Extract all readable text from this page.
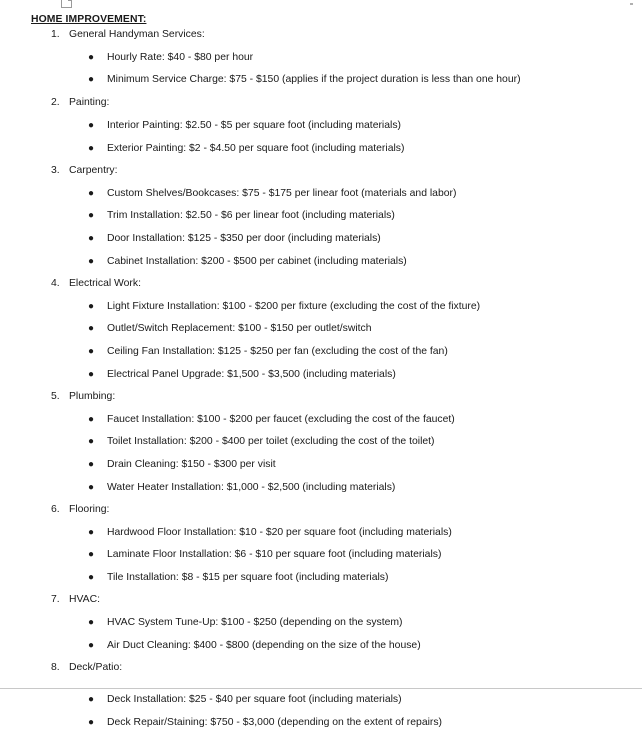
HOME IMPROVEMENT:
1. General Handyman Services:
● Hourly Rate: $40 - $80 per hour
● Minimum Service Charge: $75 - $150 (applies if the project duration is less than one hour)
2. Painting:
● Interior Painting: $2.50 - $5 per square foot (including materials)
● Exterior Painting: $2 - $4.50 per square foot (including materials)
3. Carpentry:
● Custom Shelves/Bookcases: $75 - $175 per linear foot (materials and labor)
● Trim Installation: $2.50 - $6 per linear foot (including materials)
● Door Installation: $125 - $350 per door (including materials)
● Cabinet Installation: $200 - $500 per cabinet (including materials)
4. Electrical Work:
● Light Fixture Installation: $100 - $200 per fixture (excluding the cost of the fixture)
● Outlet/Switch Replacement: $100 - $150 per outlet/switch
● Ceiling Fan Installation: $125 - $250 per fan (excluding the cost of the fan)
● Electrical Panel Upgrade: $1,500 - $3,500 (including materials)
5. Plumbing:
● Faucet Installation: $100 - $200 per faucet (excluding the cost of the faucet)
● Toilet Installation: $200 - $400 per toilet (excluding the cost of the toilet)
● Drain Cleaning: $150 - $300 per visit
● Water Heater Installation: $1,000 - $2,500 (including materials)
6. Flooring:
● Hardwood Floor Installation: $10 - $20 per square foot (including materials)
● Laminate Floor Installation: $6 - $10 per square foot (including materials)
● Tile Installation: $8 - $15 per square foot (including materials)
7. HVAC:
● HVAC System Tune-Up: $100 - $250 (depending on the system)
● Air Duct Cleaning: $400 - $800 (depending on the size of the house)
8. Deck/Patio:
● Deck Installation: $25 - $40 per square foot (including materials)
● Deck Repair/Staining: $750 - $3,000 (depending on the extent of repairs)
